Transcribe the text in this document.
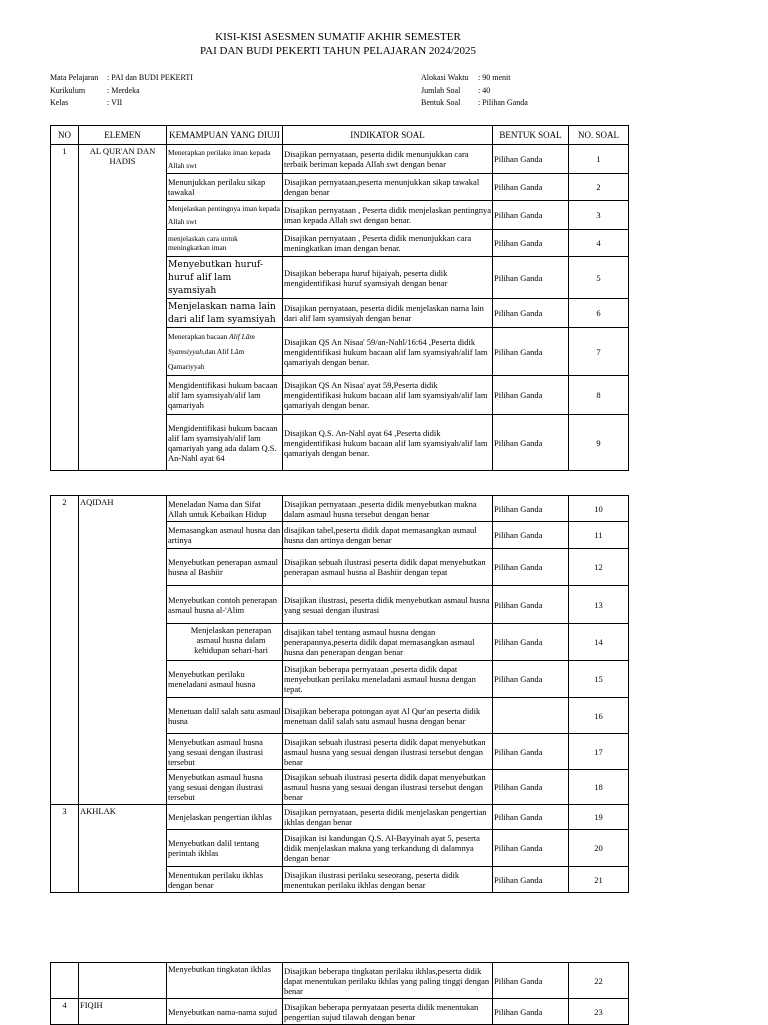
KISI-KISI ASESMEN SUMATIF AKHIR SEMESTER
PAI DAN BUDI PEKERTI TAHUN PELAJARAN 2024/2025
Mata Pelajaran : PAI dan BUDI PEKERTI
Kurikulum	: Merdeka
Kelas	: VII
Alokasi Waktu : 90 menit
Jumlah Soal : 40
Bentuk Soal : Pilihan Ganda
NO	ELEMEN	KEMAMPUAN YANG DIUJI	INDIKATOR SOAL	BENTUK SOAL	NO. SOAL
1	AL QUR'AN DAN HADIS	Menerapkan perilaku iman kepada Allah swt	Disajikan pernyataan, peserta didik menunjukkan cara terbaik beriman kepada Allah swt dengan benar	Pilihan Ganda	1
		Menunjukkan perilaku sikap tawakal	Disajikan pernyataan,peserta menunjukkan sikap tawakal dengan benar	Pilihan Ganda	2
		Menjelaskan pentingnya iman kepada Allah swt	Disajikan pernyataan , Peserta didik menjelaskan pentingnya iman kepada Allah swt dengan benar.	Pilihan Ganda	3
		menjelaskan cara untuk meningkatkan iman	Disajikan pernyataan , Peserta didik menunjukkan cara meningkatkan iman dengan benar.	Pilihan Ganda	4
		Menyebutkan huruf-huruf alif lam syamsiyah	Disajikan beberapa huruf hijaiyah, peserta didik mengidentifikasi huruf syamsiyah dengan benar	Pilihan Ganda	5
		Menjelaskan nama lain dari alif lam syamsiyah	Disajikan pernyataan, peserta didik menjelaskan nama lain dari alif lam syamsiyah dengan benar	Pilihan Ganda	6
		Menerapkan bacaan Alif Lām Syamsiyyah,dan Alif Lām Qamariyyah	Disajikan QS An Nisaa' 59/an-Nahl/16:64 ,Peserta didik mengidentifikasi hukum bacaan alif lam syamsiyah/alif lam qamariyah dengan benar.	Pilihan Ganda	7
		Mengidentifikasi hukum bacaan alif lam syamsiyah/alif lam qamariyah	Disajikan QS An Nisaa' ayat 59,Peserta didik mengidentifikasi hukum bacaan alif lam syamsiyah/alif lam qamariyah dengan benar.	Pilihan Ganda	8
		Mengidentifikasi hukum bacaan alif lam syamsiyah/alif lam qamariyah yang ada dalam Q.S. An-Nahl ayat 64	Disajikan Q.S. An-Nahl ayat 64 ,Peserta didik mengidentifikasi hukum bacaan alif lam syamsiyah/alif lam qamariyah dengan benar.	Pilihan Ganda	9
2	AQIDAH	Meneladan Nama dan Sifat Allah untuk Kebaikan Hidup	Disajikan pernyataan ,peserta didik menyebutkan makna dalam asmaul husna tersebut dengan benar	Pilihan Ganda	10
		Memasangkan asmaul husna dan artinya	disajikan tabel,peserta didik dapat memasangkan asmaul husna dan artinya dengan benar	Pilihan Ganda	11
		Menyebutkan penerapan asmaul husna al Bashiir	Disajikan sebuah ilustrasi peserta didik dapat menyebutkan penerapan asmaul husna al Bashiir dengan tepat	Pilihan Ganda	12
		Menyebutkan contoh penerapan asmaul husna al-'Alim	Disajikan ilustrasi, peserta didik menyebutkan asmaul husna yang sesuai dengan ilustrasi	Pilihan Ganda	13
		Menjelaskan penerapan asmaul husna dalam kehidupan sehari-hari	disajikan tabel tentang asmaul husna dengan penerapannya,peserta didik dapat memasangkan asmaul husna dan penerapan dengan benar	Pilihan Ganda	14
		Menyebutkan perilaku meneladani asmaul husna	Disajikan beberapa pernyataan ,peserta didik dapat menyebutkan perilaku meneladani asmaul husna dengan tepat.	Pilihan Ganda	15
		Menetuan dalil salah satu asmaul husna	Disajikan beberapa potongan ayat Al Qur'an peserta didik menetuan dalil salah satu asmaul husna dengan benar		16
		Menyebutkan asmaul husna yang sesuai dengan ilustrasi tersebut	Disajikan sebuah ilustrasi peserta didik dapat menyebutkan asmaul husna yang sesuai dengan ilustrasi tersebut dengan benar	Pilihan Ganda	17
		Menyebutkan asmaul husna yang sesuai dengan ilustrasi tersebut	Disajikan sebuah ilustrasi peserta didik dapat menyebutkan asmaul husna yang sesuai dengan ilustrasi tersebut dengan benar	Pilihan Ganda	18
3	AKHLAK	Menjelaskan pengertian ikhlas	Disajikan pernyataan, peserta didik menjelaskan pengertian ikhlas dengan benar	Pilihan Ganda	19
		Menyebutkan dalil tentang perintah ikhlas	Disajikan isi kandungan Q.S. Al-Bayyinah ayat 5, peserta didik menjelaskan makna yang terkandung di dalamnya dengan benar	Pilihan Ganda	20
		Menentukan perilaku ikhlas dengan benar	Disajikan ilustrasi perilaku seseorang, peserta didik menentukan perilaku ikhlas dengan benar	Pilihan Ganda	21
		Menyebutkan tingkatan ikhlas	Disajikan beberapa tingkatan perilaku ikhlas,peserta didik dapat menentukan perilaku ikhlas yang paling tinggi dengan benar	Pilihan Ganda	22
4	FIQIH	Menyebutkan nama-nama sujud	Disajikan beberapa pernyataan peserta didik menentukan pengertian sujud tilawah dengan benar	Pilihan Ganda	23
